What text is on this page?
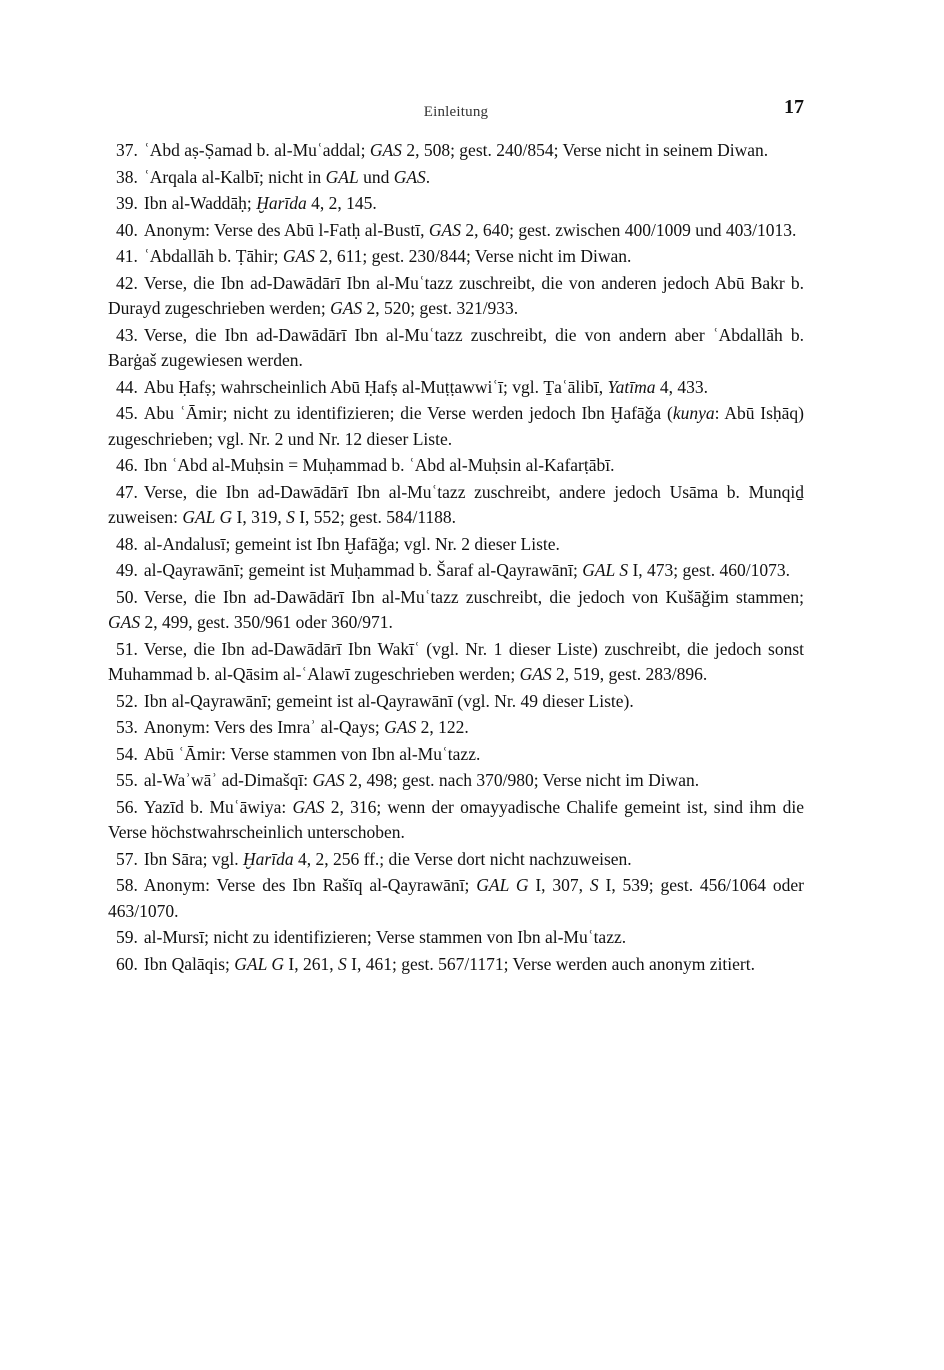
Einleitung	17

37. ʿAbd aṣ-Ṣamad b. al-Muʿaddal; GAS 2, 508; gest. 240/854; Verse nicht in seinem Diwan.

38. ʿArqala al-Kalbī; nicht in GAL und GAS.

39. Ibn al-Waddāḥ; Ḫarīda 4, 2, 145.

40. Anonym: Verse des Abū l-Fatḥ al-Bustī, GAS 2, 640; gest. zwischen 400/1009 und 403/1013.

41. ʿAbdallāh b. Ṭāhir; GAS 2, 611; gest. 230/844; Verse nicht im Diwan.

42. Verse, die Ibn ad-Dawādārī Ibn al-Muʿtazz zuschreibt, die von anderen jedoch Abū Bakr b. Durayd zugeschrieben werden; GAS 2, 520; gest. 321/933.

43. Verse, die Ibn ad-Dawādārī Ibn al-Muʿtazz zuschreibt, die von andern aber ʿAbdallāh b. Barġaš zugewiesen werden.

44. Abu Ḥafṣ; wahrscheinlich Abū Ḥafṣ al-Muṭṭawwiʿī; vgl. Ṯaʿālibī, Yatīma 4, 433.

45. Abu ʿĀmir; nicht zu identifizieren; die Verse werden jedoch Ibn Ḫafāǧa (kunya: Abū Isḥāq) zugeschrieben; vgl. Nr. 2 und Nr. 12 dieser Liste.

46. Ibn ʿAbd al-Muḥsin = Muḥammad b. ʿAbd al-Muḥsin al-Kafarṭābī.

47. Verse, die Ibn ad-Dawādārī Ibn al-Muʿtazz zuschreibt, andere jedoch Usāma b. Munqiḏ zuweisen: GAL G I, 319, S I, 552; gest. 584/1188.

48. al-Andalusī; gemeint ist Ibn Ḫafāǧa; vgl. Nr. 2 dieser Liste.

49. al-Qayrawānī; gemeint ist Muḥammad b. Šaraf al-Qayrawānī; GAL S I, 473; gest. 460/1073.

50. Verse, die Ibn ad-Dawādārī Ibn al-Muʿtazz zuschreibt, die jedoch von Kušāǧim stammen; GAS 2, 499, gest. 350/961 oder 360/971.

51. Verse, die Ibn ad-Dawādārī Ibn Wakīʿ (vgl. Nr. 1 dieser Liste) zuschreibt, die jedoch sonst Muhammad b. al-Qāsim al-ʿAlawī zugeschrieben werden; GAS 2, 519, gest. 283/896.

52. Ibn al-Qayrawānī; gemeint ist al-Qayrawānī (vgl. Nr. 49 dieser Liste).

53. Anonym: Vers des Imraʾ al-Qays; GAS 2, 122.

54. Abū ʿĀmir: Verse stammen von Ibn al-Muʿtazz.

55. al-Waʾwāʾ ad-Dimašqī: GAS 2, 498; gest. nach 370/980; Verse nicht im Diwan.

56. Yazīd b. Muʿāwiya: GAS 2, 316; wenn der omayyadische Chalife gemeint ist, sind ihm die Verse höchstwahrscheinlich unterschoben.

57. Ibn Sāra; vgl. Ḫarīda 4, 2, 256 ff.; die Verse dort nicht nachzuweisen.

58. Anonym: Verse des Ibn Rašīq al-Qayrawānī; GAL G I, 307, S I, 539; gest. 456/1064 oder 463/1070.

59. al-Mursī; nicht zu identifizieren; Verse stammen von Ibn al-Muʿtazz.

60. Ibn Qalāqis; GAL G I, 261, S I, 461; gest. 567/1171; Verse werden auch anonym zitiert.
